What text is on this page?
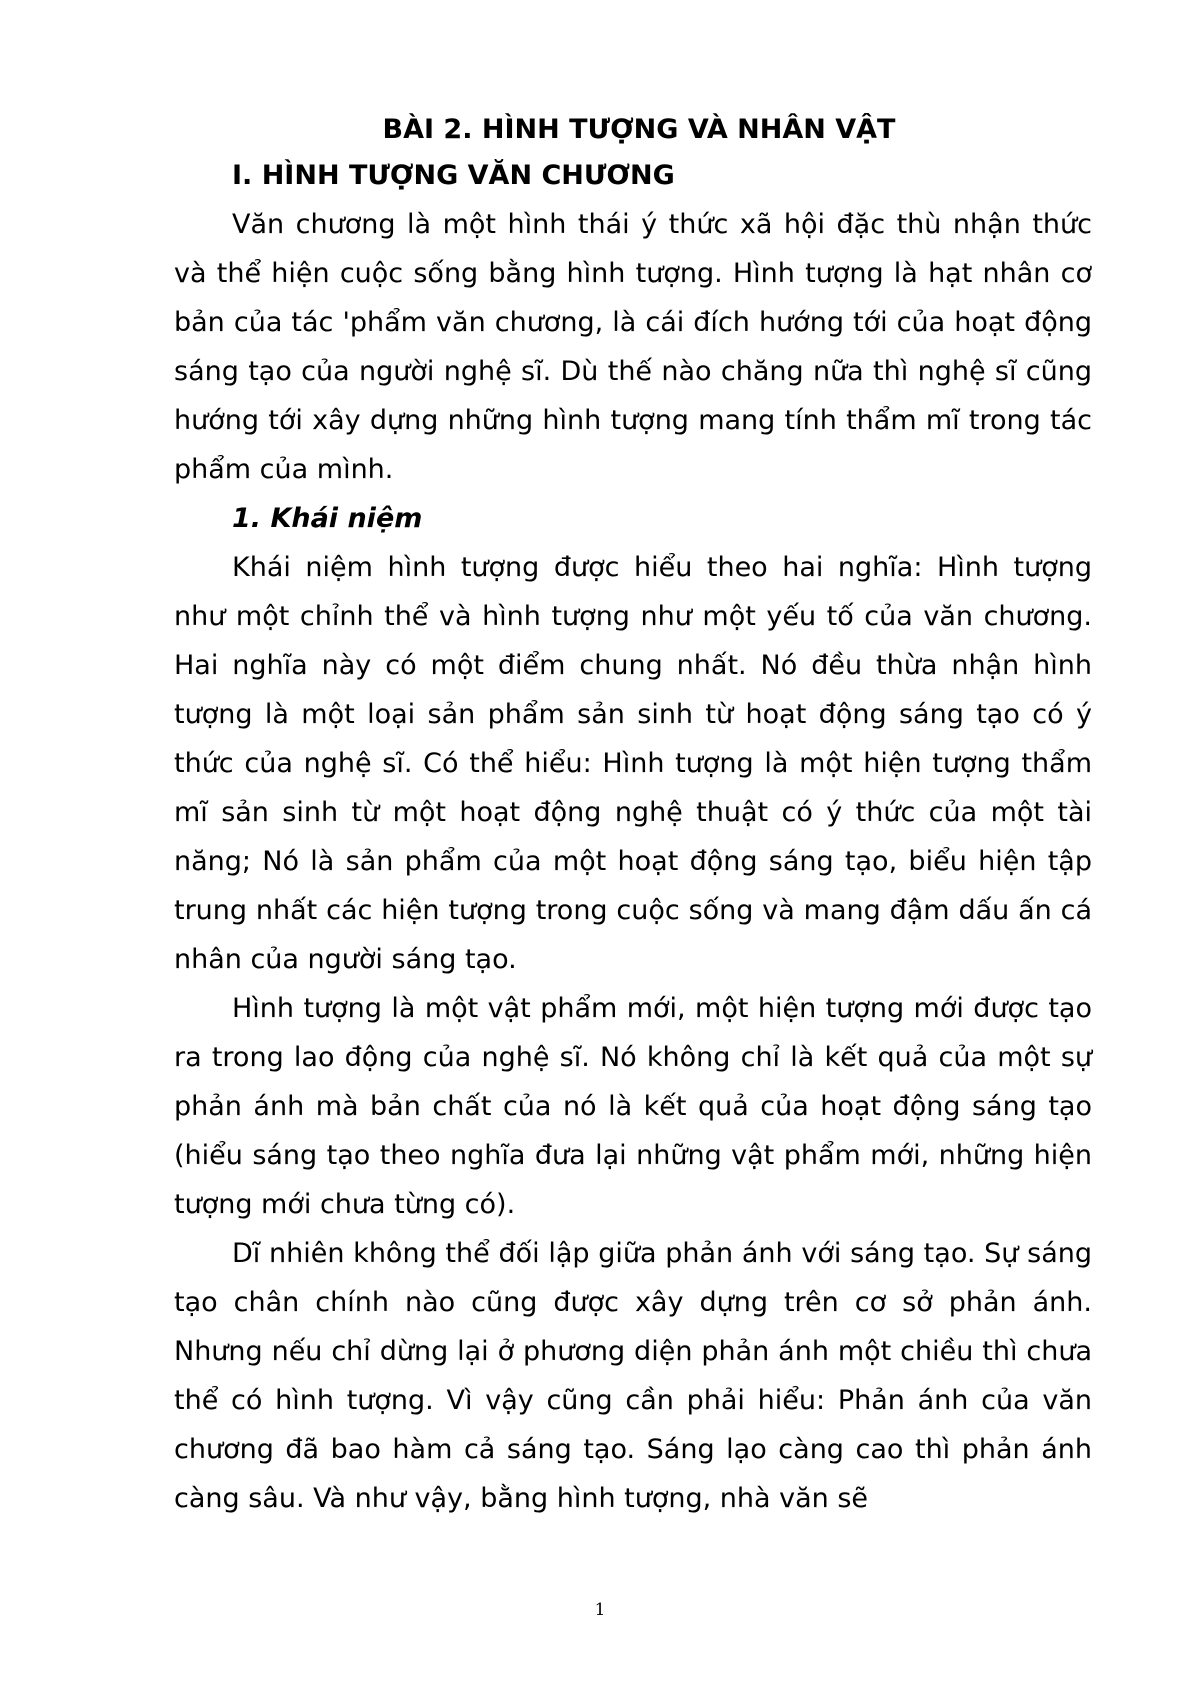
BÀI 2. HÌNH TƯỢNG VÀ NHÂN VẬT
I. HÌNH TƯỢNG VĂN CHƯƠNG

Văn chương là một hình thái ý thức xã hội đặc thù nhận thức và thể hiện cuộc sống bằng hình tượng. Hình tượng là hạt nhân cơ bản của tác 'phẩm văn chương, là cái đích hướng tới của hoạt động sáng tạo của người nghệ sĩ. Dù thế nào chăng nữa thì nghệ sĩ cũng hướng tới xây dựng những hình tượng mang tính thẩm mĩ trong tác phẩm của mình.

1. Khái niệm

Khái niệm hình tượng được hiểu theo hai nghĩa: Hình tượng như một chỉnh thể và hình tượng như một yếu tố của văn chương. Hai nghĩa này có một điểm chung nhất. Nó đều thừa nhận hình tượng là một loại sản phẩm sản sinh từ hoạt động sáng tạo có ý thức của nghệ sĩ. Có thể hiểu: Hình tượng là một hiện tượng thẩm mĩ sản sinh từ một hoạt động nghệ thuật có ý thức của một tài năng; Nó là sản phẩm của một hoạt động sáng tạo, biểu hiện tập trung nhất các hiện tượng trong cuộc sống và mang đậm dấu ấn cá nhân của người sáng tạo.

Hình tượng là một vật phẩm mới, một hiện tượng mới được tạo ra trong lao động của nghệ sĩ. Nó không chỉ là kết quả của một sự phản ánh mà bản chất của nó là kết quả của hoạt động sáng tạo (hiểu sáng tạo theo nghĩa đưa lại những vật phẩm mới, những hiện tượng mới chưa từng có).

Dĩ nhiên không thể đối lập giữa phản ánh với sáng tạo. Sự sáng tạo chân chính nào cũng được xây dựng trên cơ sở phản ánh. Nhưng nếu chỉ dừng lại ở phương diện phản ánh một chiều thì chưa thể có hình tượng. Vì vậy cũng cần phải hiểu: Phản ánh của văn chương đã bao hàm cả sáng tạo. Sáng lạo càng cao thì phản ánh càng sâu. Và như vậy, bằng hình tượng, nhà văn sẽ

1
